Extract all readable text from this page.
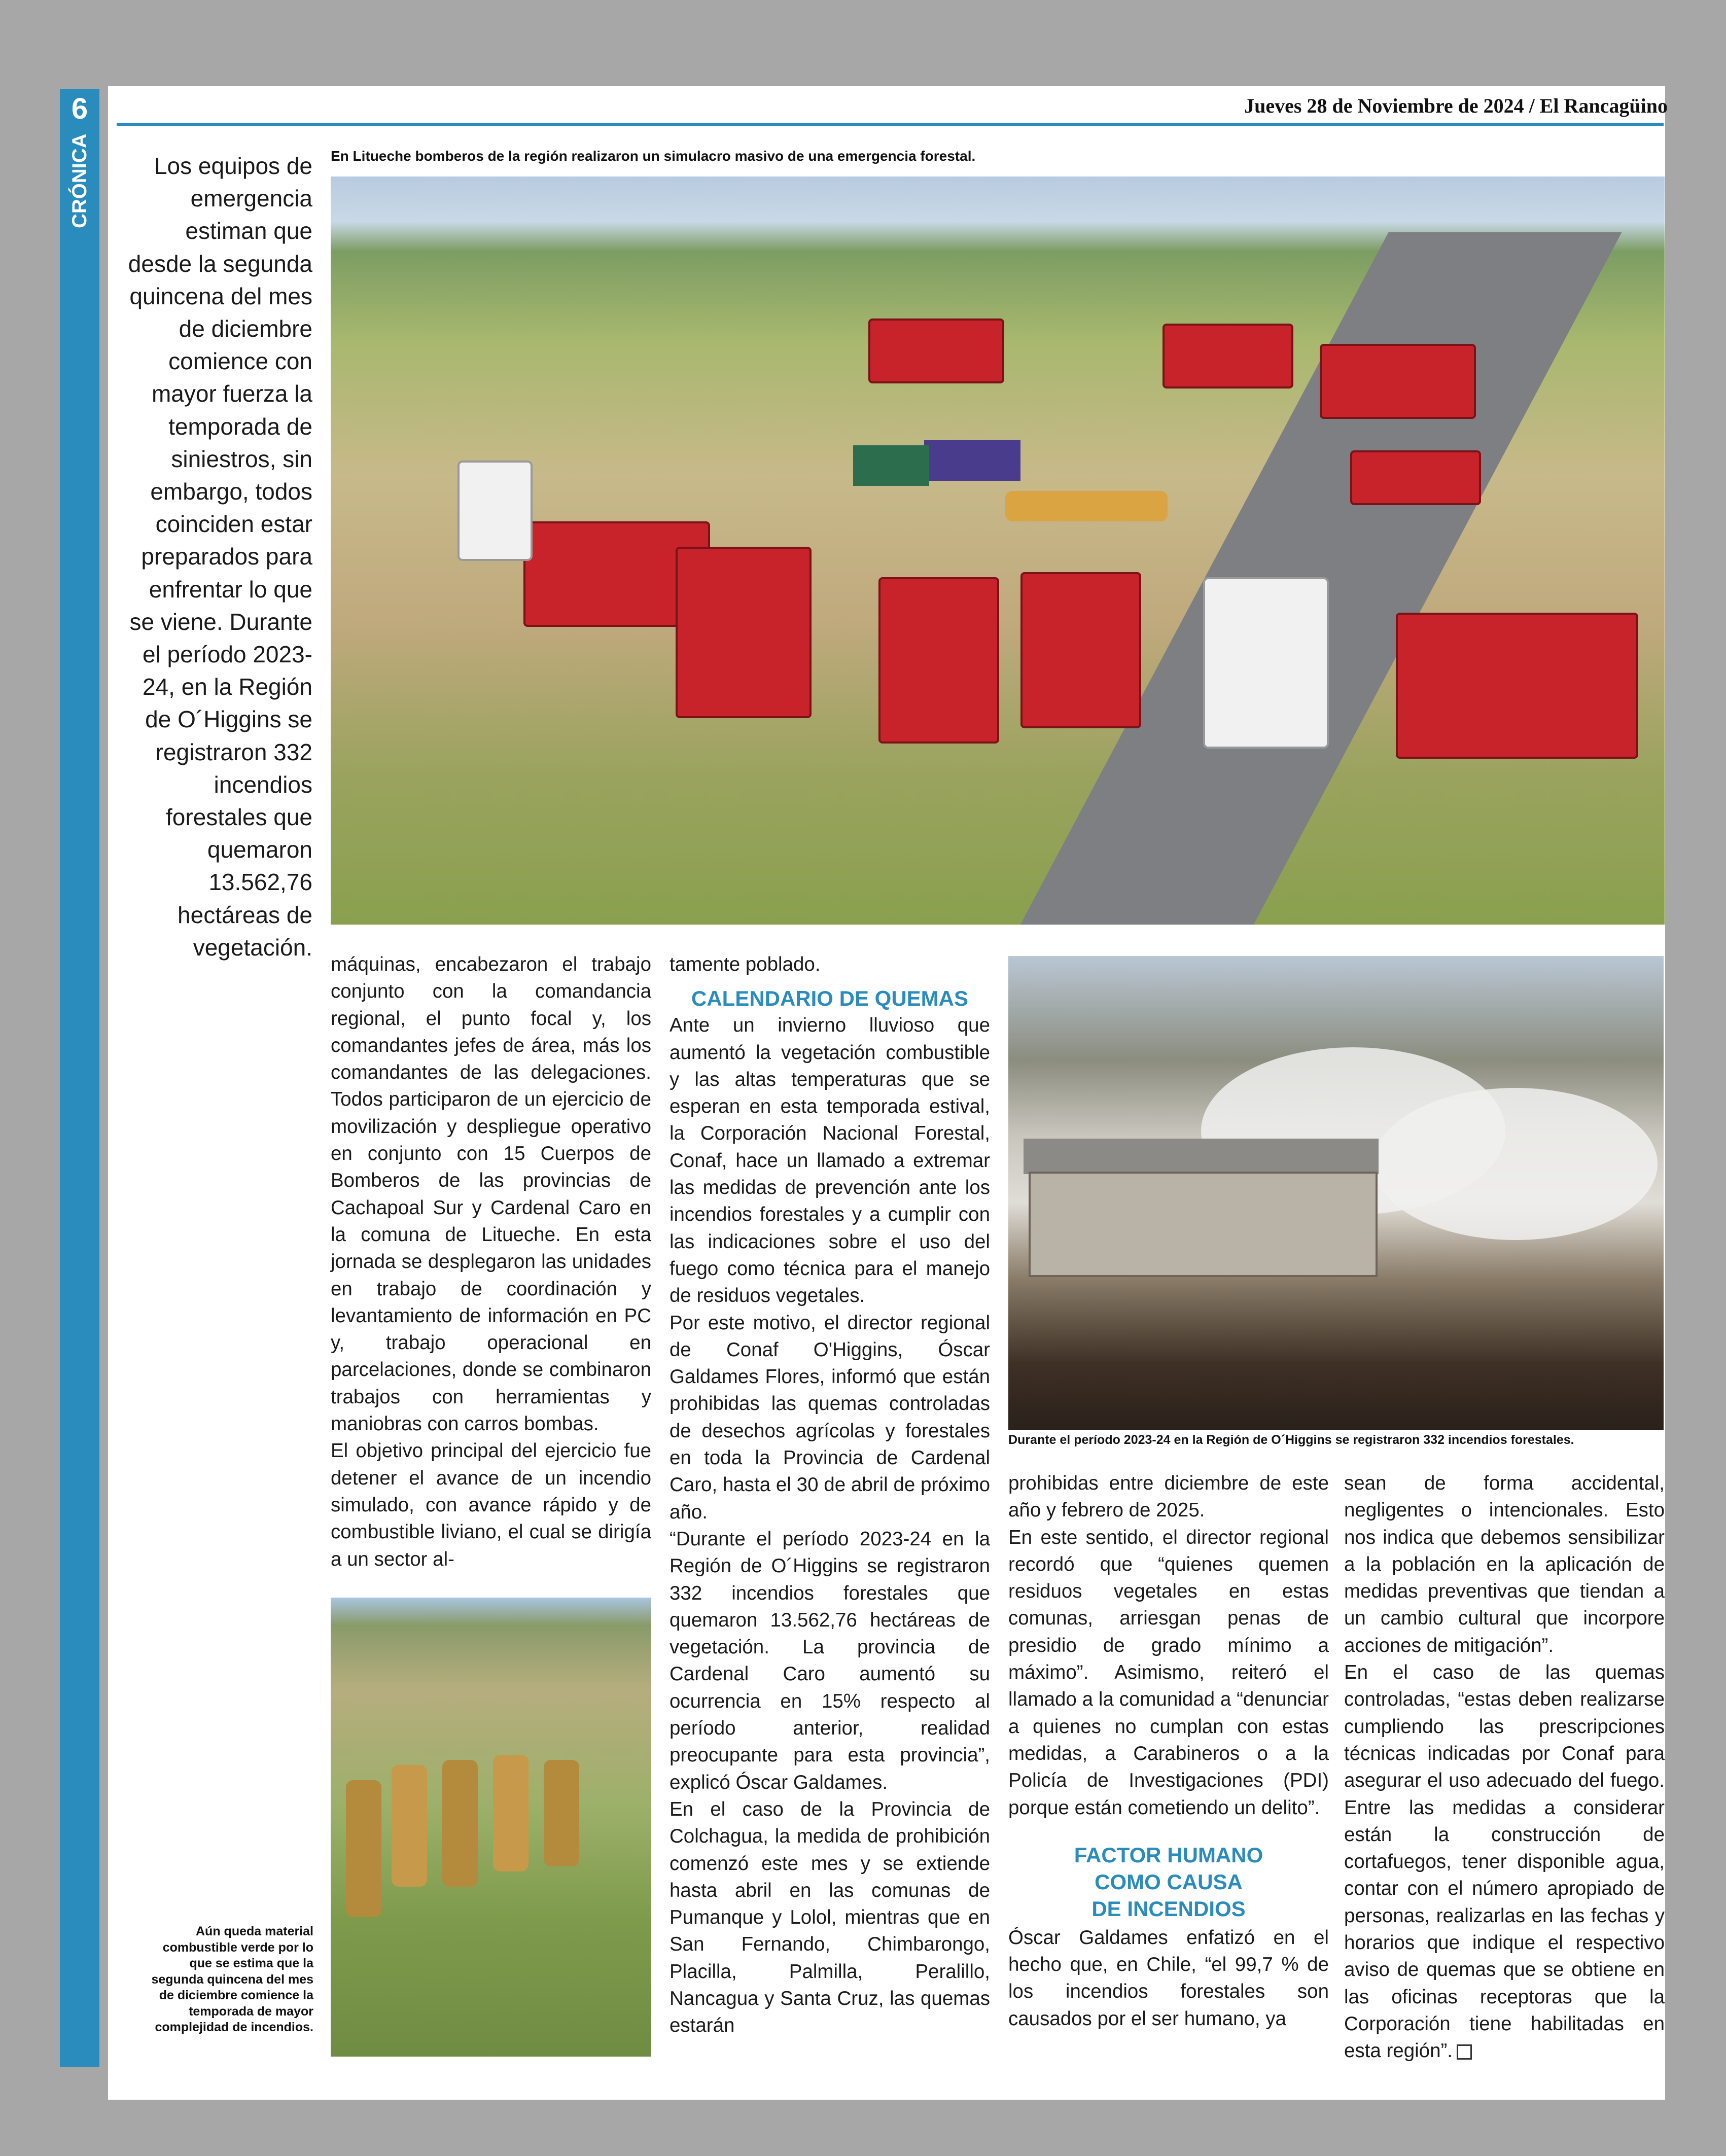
6
CRÓNICA
Jueves 28 de Noviembre de 2024 / El Rancagüino
Los equipos de emergencia estiman que desde la segunda quincena del mes de diciembre comience con mayor fuerza la temporada de siniestros, sin embargo, todos coinciden estar preparados para enfrentar lo que se viene. Durante el período 2023-24, en la Región de O´Higgins se registraron 332 incendios forestales que quemaron 13.562,76 hectáreas de vegetación.
En Litueche bomberos de la región realizaron un simulacro masivo de una emergencia forestal.
Durante el período 2023-24 en la Región de O´Higgins se registraron 332 incendios forestales.
Aún queda material combustible verde por lo que se estima que la segunda quincena del mes de diciembre comience la temporada de mayor complejidad de incendios.

máquinas, encabezaron el trabajo conjunto con la comandancia regional, el punto focal y, los comandantes jefes de área, más los comandantes de las delegaciones. Todos participaron de un ejercicio de movilización y despliegue operativo en conjunto con 15 Cuerpos de Bomberos de las provincias de Cachapoal Sur y Cardenal Caro en la comuna de Litueche. En esta jornada se desplegaron las unidades en trabajo de coordinación y levantamiento de información en PC y, trabajo operacional en parcelaciones, donde se combinaron trabajos con herramientas y maniobras con carros bombas.

El objetivo principal del ejercicio fue detener el avance de un incendio simulado, con avance rápido y de combustible liviano, el cual se dirigía a un sector al-

tamente poblado.

CALENDARIO DE QUEMAS

Ante un invierno lluvioso que aumentó la vegetación combustible y las altas temperaturas que se esperan en esta temporada estival, la Corporación Nacional Forestal, Conaf, hace un llamado a extremar las medidas de prevención ante los incendios forestales y a cumplir con las indicaciones sobre el uso del fuego como técnica para el manejo de residuos vegetales.

Por este motivo, el director regional de Conaf O'Higgins, Óscar Galdames Flores, informó que están prohibidas las quemas controladas de desechos agrícolas y forestales en toda la Provincia de Cardenal Caro, hasta el 30 de abril de próximo año.

“Durante el período 2023-24 en la Región de O´Higgins se registraron 332 incendios forestales que quemaron 13.562,76 hectáreas de vegetación. La provincia de Cardenal Caro aumentó su ocurrencia en 15% respecto al período anterior, realidad preocupante para esta provincia”, explicó Óscar Galdames.

En el caso de la Provincia de Colchagua, la medida de prohibición comenzó este mes y se extiende hasta abril en las comunas de Pumanque y Lolol, mientras que en San Fernando, Chimbarongo, Placilla, Palmilla, Peralillo, Nancagua y Santa Cruz, las quemas estarán

prohibidas entre diciembre de este año y febrero de 2025.

En este sentido, el director regional recordó que “quienes quemen residuos vegetales en estas comunas, arriesgan penas de presidio de grado mínimo a máximo”. Asimismo, reiteró el llamado a la comunidad a “denunciar a quienes no cumplan con estas medidas, a Carabineros o a la Policía de Investigaciones (PDI) porque están cometiendo un delito”.

FACTOR HUMANO
COMO CAUSA
DE INCENDIOS

Óscar Galdames enfatizó en el hecho que, en Chile, “el 99,7 % de los incendios forestales son causados por el ser humano, ya

sean de forma accidental, negligentes o intencionales. Esto nos indica que debemos sensibilizar a la población en la aplicación de medidas preventivas que tiendan a un cambio cultural que incorpore acciones de mitigación”.

En el caso de las quemas controladas, “estas deben realizarse cumpliendo las prescripciones técnicas indicadas por Conaf para asegurar el uso adecuado del fuego. Entre las medidas a considerar están la construcción de cortafuegos, tener disponible agua, contar con el número apropiado de personas, realizarlas en las fechas y horarios que indique el respectivo aviso de quemas que se obtiene en las oficinas receptoras que la Corporación tiene habilitadas en esta región”.
